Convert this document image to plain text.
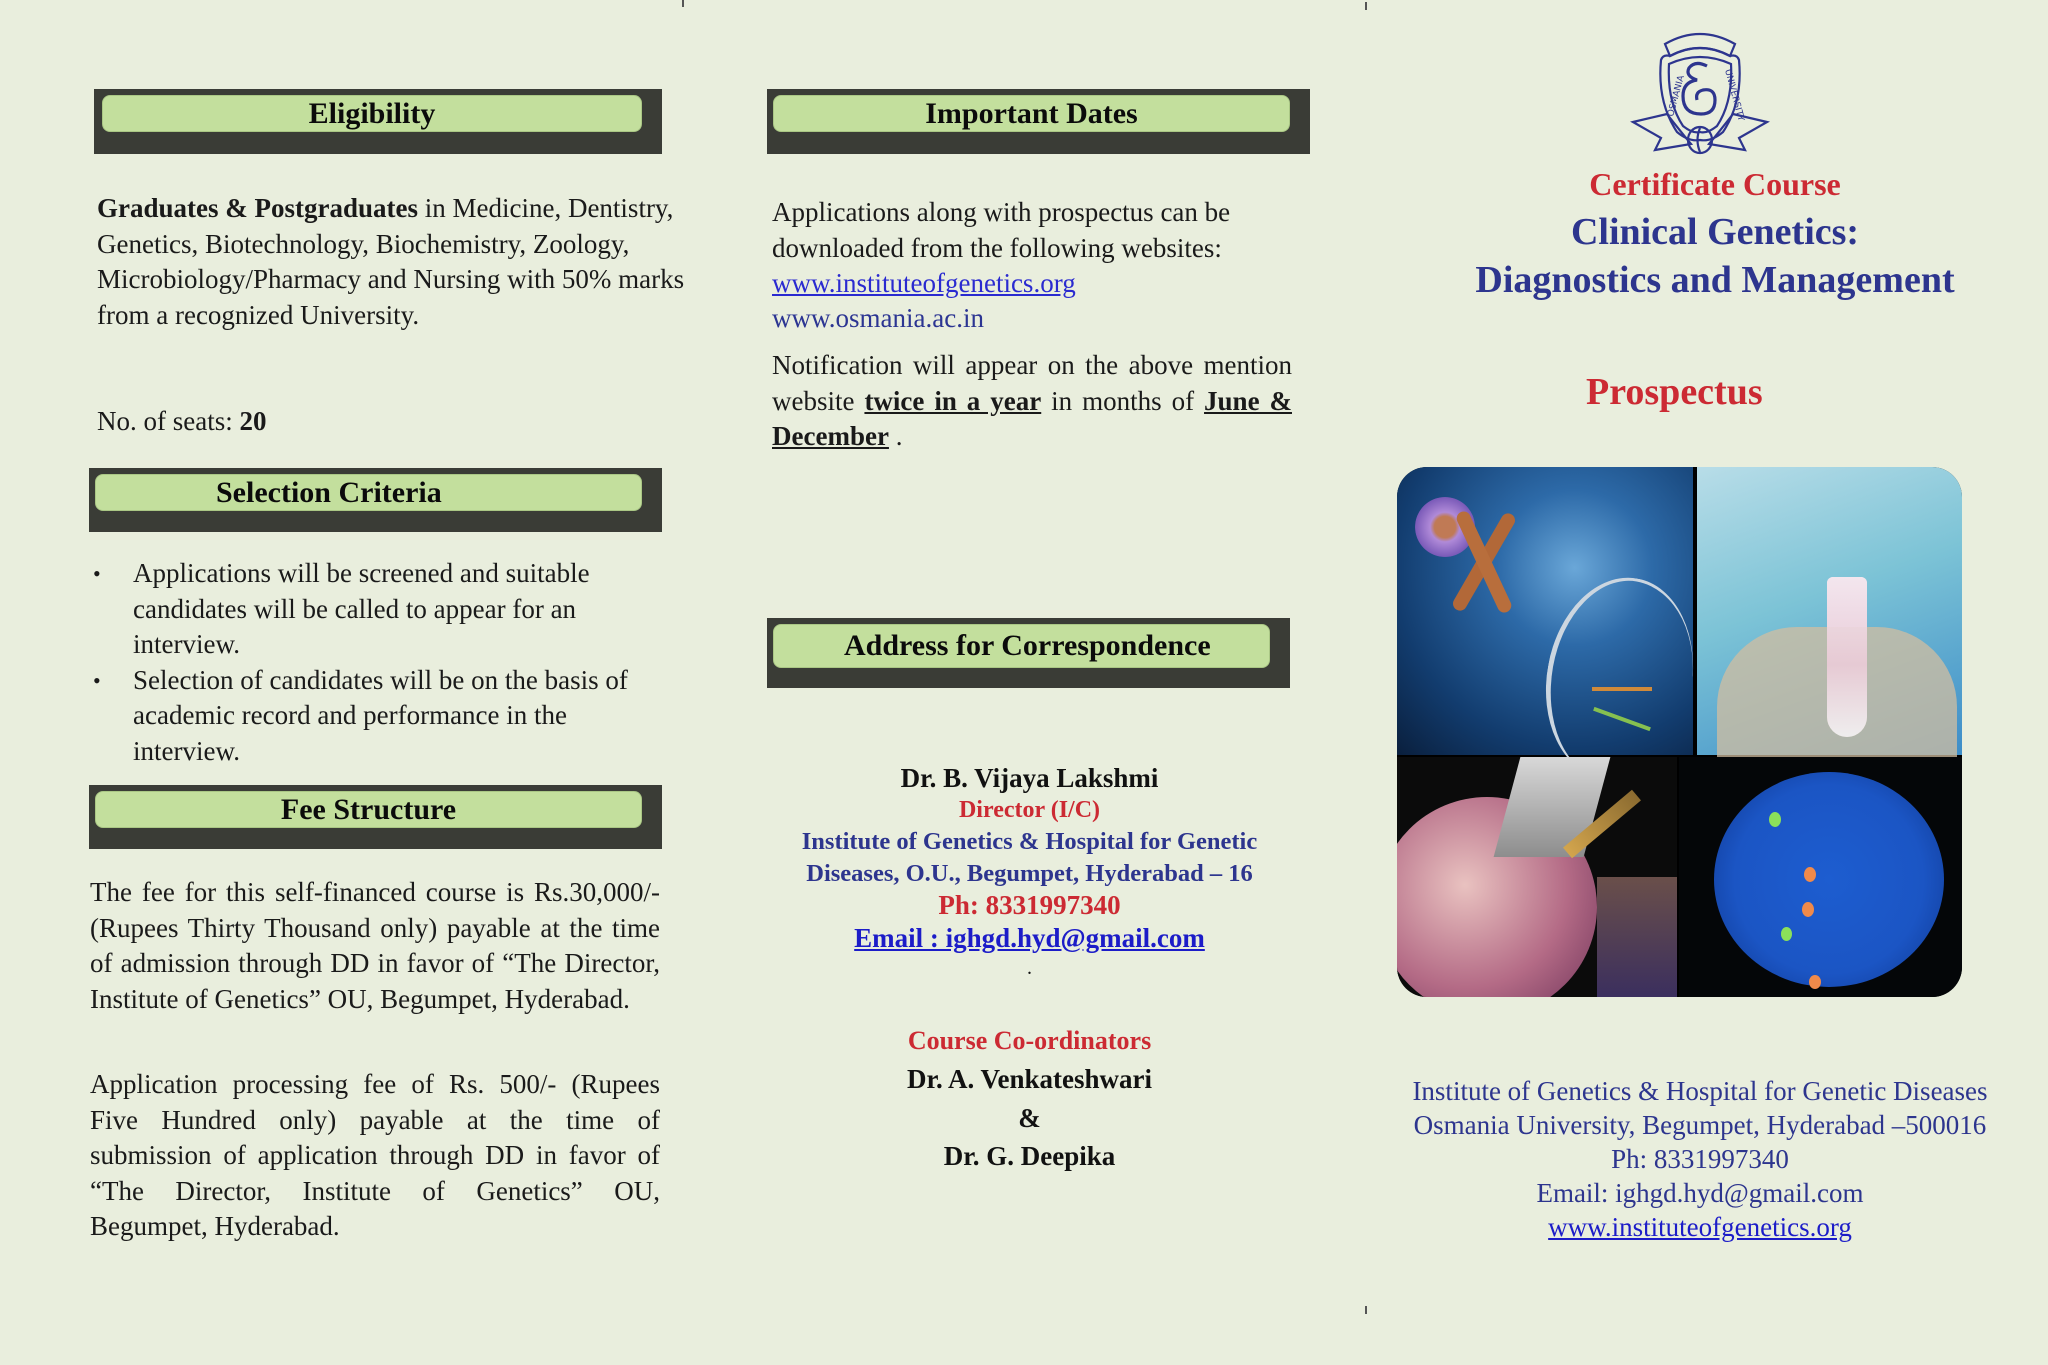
Eligibility
Graduates & Postgraduates in Medicine, Dentistry, Genetics, Biotechnology, Biochemistry, Zoology, Microbiology/Pharmacy and Nursing with 50% marks from a recognized University.
No. of seats: 20
Selection Criteria
•	Applications will be screened and suitable candidates will be called to appear for an interview.
•	Selection of candidates will be on the basis of academic record and performance in the interview.
Fee Structure
The fee for this self-financed course is Rs.30,000/- (Rupees Thirty Thousand only) payable at the time of admission through DD in favor of “The Director, Institute of Genetics” OU, Begumpet, Hyderabad.
Application processing fee of Rs. 500/- (Rupees Five Hundred only) payable at the time of submission of application through DD in favor of “The Director, Institute of Genetics” OU, Begumpet, Hyderabad.
Important Dates
Applications along with prospectus can be downloaded from the following websites:
www.instituteofgenetics.org
www.osmania.ac.in
Notification will appear on the above mention website twice in a year in months of June & December .
Address for Correspondence
Dr. B. Vijaya Lakshmi
Director (I/C)
Institute of Genetics & Hospital for Genetic
Diseases, O.U., Begumpet, Hyderabad – 16
Ph: 8331997340
Email : ighgd.hyd@gmail.com
.
Course Co-ordinators
Dr. A. Venkateshwari
&
Dr. G. Deepika
OSMANIA	UNIVERSITY
Certificate Course
Clinical Genetics:
Diagnostics and Management
Prospectus
Institute of Genetics & Hospital for Genetic Diseases
Osmania University, Begumpet, Hyderabad –500016
Ph: 8331997340
Email: ighgd.hyd@gmail.com
www.instituteofgenetics.org
